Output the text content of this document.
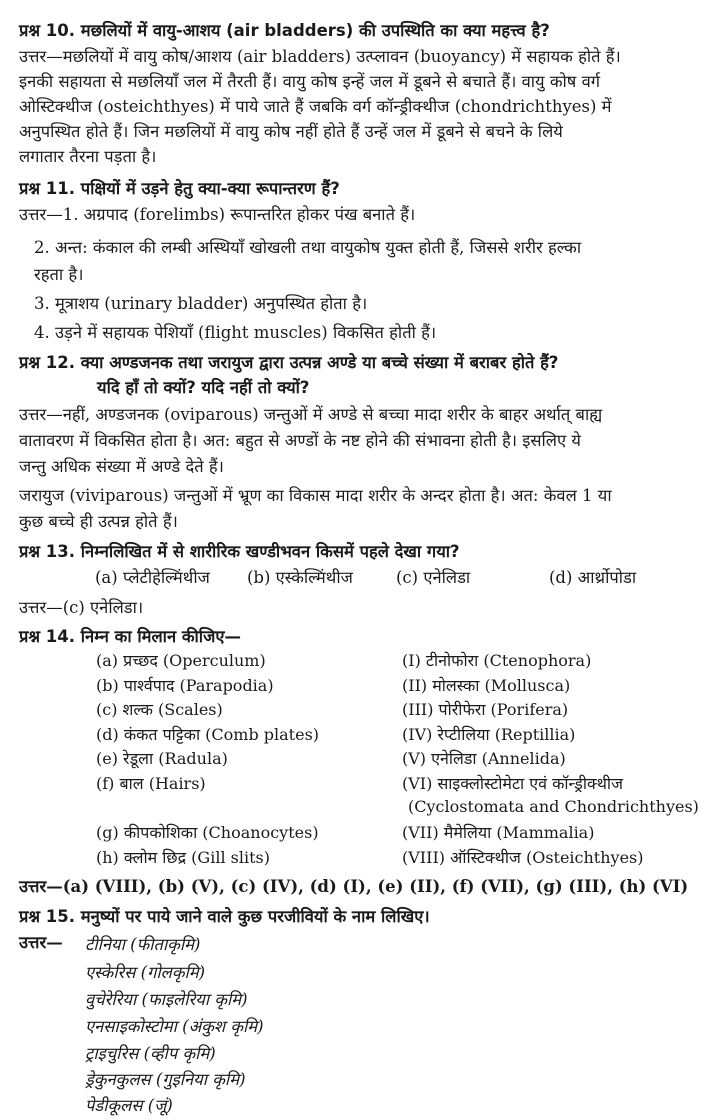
प्रश्न 10. मछलियों में वायु-आशय (air bladders) की उपस्थिति का क्या महत्त्व है?
उत्तर—मछलियों में वायु कोष/आशय (air bladders) उत्प्लावन (buoyancy) में सहायक होते हैं।
इनकी सहायता से मछलियाँ जल में तैरती हैं। वायु कोष इन्हें जल में डूबने से बचाते हैं। वायु कोष वर्ग
ओस्टिक्थीज (osteichthyes) में पाये जाते हैं जबकि वर्ग कॉन्ड्रीक्थीज (chondrichthyes) में
अनुपस्थित होते हैं। जिन मछलियों में वायु कोष नहीं होते हैं उन्हें जल में डूबने से बचने के लिये
लगातार तैरना पड़ता है।
प्रश्न 11. पक्षियों में उड़ने हेतु क्या-क्या रूपान्तरण हैं?
उत्तर—1. अग्रपाद (forelimbs) रूपान्तरित होकर पंख बनाते हैं।
2. अन्त: कंकाल की लम्बी अस्थियाँ खोखली तथा वायुकोष युक्त होती हैं, जिससे शरीर हल्का
रहता है।
3. मूत्राशय (urinary bladder) अनुपस्थित होता है।
4. उड़ने में सहायक पेशियाँ (flight muscles) विकसित होती हैं।
प्रश्न 12. क्या अण्डजनक तथा जरायुज द्वारा उत्पन्न अण्डे या बच्चे संख्या में बराबर होते हैं?
यदि हाँ तो क्यों? यदि नहीं तो क्यों?
उत्तर—नहीं, अण्डजनक (oviparous) जन्तुओं में अण्डे से बच्चा मादा शरीर के बाहर अर्थात् बाह्य
वातावरण में विकसित होता है। अत: बहुत से अण्डों के नष्ट होने की संभावना होती है। इसलिए ये
जन्तु अधिक संख्या में अण्डे देते हैं।
जरायुज (viviparous) जन्तुओं में भ्रूण का विकास मादा शरीर के अन्दर होता है। अत: केवल 1 या
कुछ बच्चे ही उत्पन्न होते हैं।
प्रश्न 13. निम्नलिखित में से शारीरिक खण्डीभवन किसमें पहले देखा गया?
(a) प्लेटीहेल्मिंथीज (b) एस्केल्मिंथीज	(c) एनेलिडा	(d) आर्थ्रोपोडा
उत्तर—(c) एनेलिडा।
प्रश्न 14. निम्न का मिलान कीजिए—
(a) प्रच्छद (Operculum)	(I) टीनोफोरा (Ctenophora)
(b) पार्श्वपाद (Parapodia)	(II) मोलस्का (Mollusca)
(c) शल्क (Scales)	(III) पोरीफेरा (Porifera)
(d) कंकत पट्टिका (Comb plates)	(IV) रेप्टीलिया (Reptillia)
(e) रेडूला (Radula)	(V) एनेलिडा (Annelida)
(f) बाल (Hairs)	(VI) साइक्लोस्टोमेटा एवं कॉन्ड्रीक्थीज
	(Cyclostomata and Chondrichthyes)
(g) कीपकोशिका (Choanocytes)	(VII) मैमेलिया (Mammalia)
(h) क्लोम छिद्र (Gill slits)	(VIII) ऑस्टिक्थीज (Osteichthyes)
उत्तर—(a) (VIII), (b) (V), (c) (IV), (d) (I), (e) (II), (f) (VII), (g) (III), (h) (VI)
प्रश्न 15. मनुष्यों पर पाये जाने वाले कुछ परजीवियों के नाम लिखिए।
उत्तर— टीनिया (फीताकृमि)
एस्केरिस (गोलकृमि)
वुचेरेरिया (फाइलेरिया कृमि)
एनसाइकोस्टोमा (अंकुश कृमि)
ट्राइचुरिस (व्हीप कृमि)
ड्रेकुनकुलस (गुइनिया कृमि)
पेडीकूलस (जूं)
